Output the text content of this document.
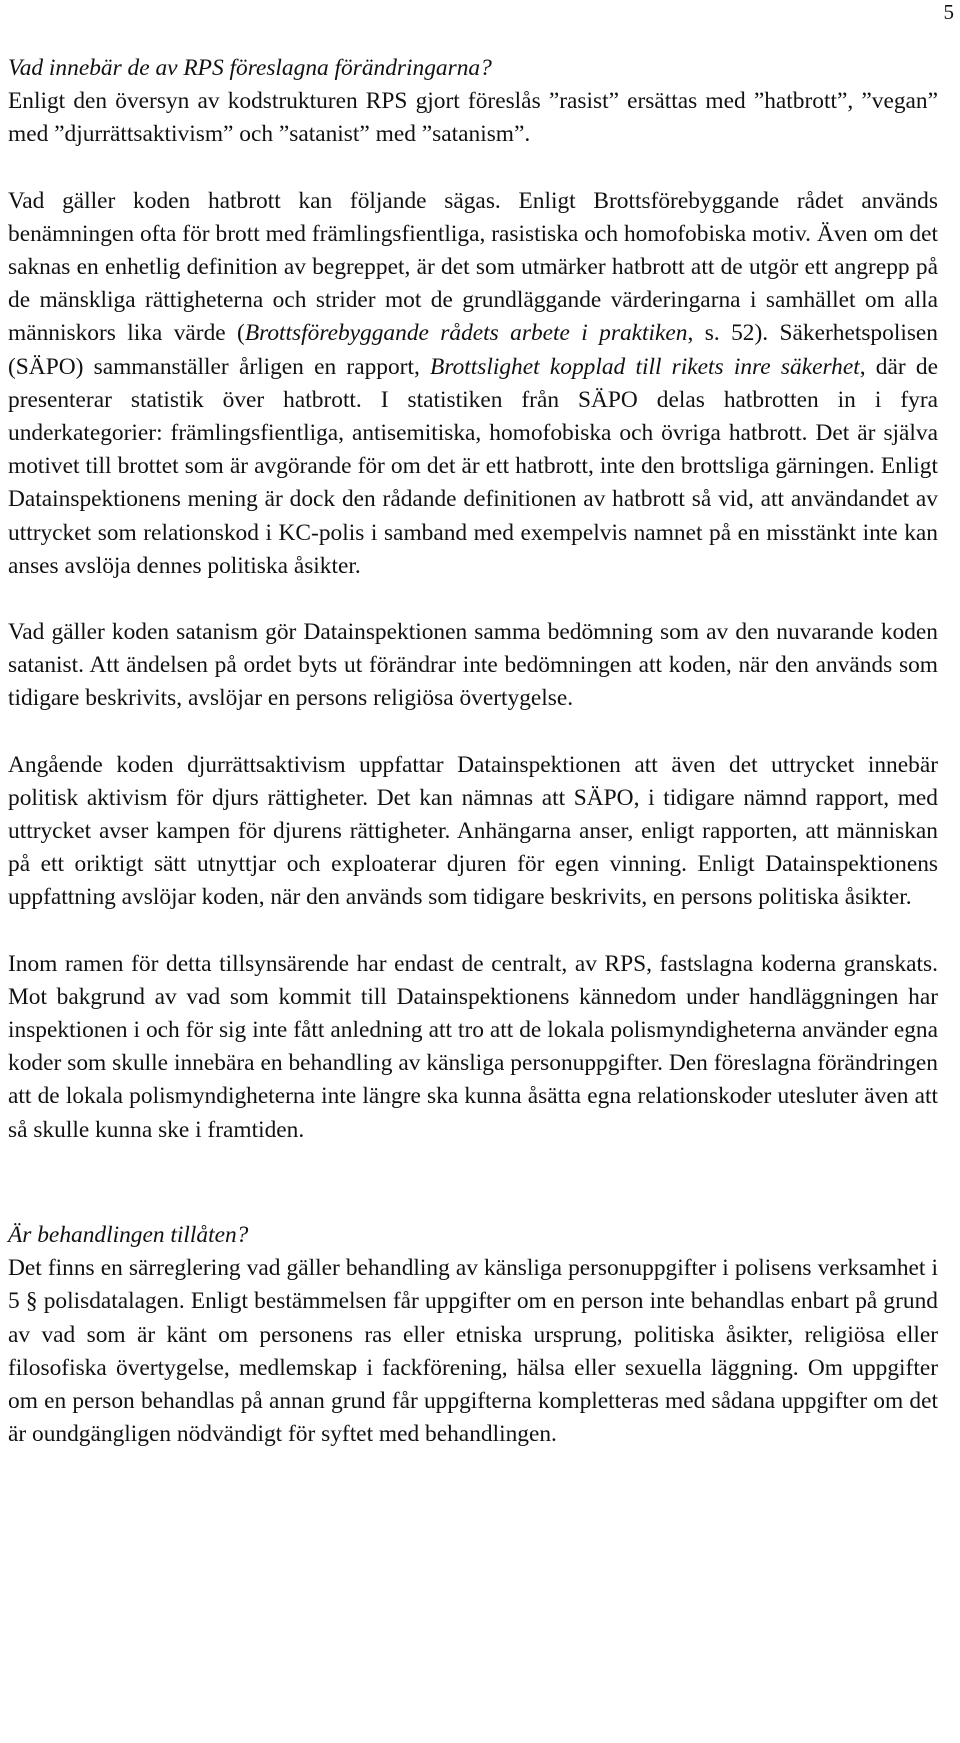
5

Vad innebär de av RPS föreslagna förändringarna?

Enligt den översyn av kodstrukturen RPS gjort föreslås ”rasist” ersättas med ”hatbrott”, ”vegan” med ”djurrättsaktivism” och ”satanist” med ”satanism”.

Vad gäller koden hatbrott kan följande sägas. Enligt Brottsförebyggande rådet används benämningen ofta för brott med främlingsfientliga, rasistiska och homofobiska motiv. Även om det saknas en enhetlig definition av begreppet, är det som utmärker hatbrott att de utgör ett angrepp på de mänskliga rättigheterna och strider mot de grundläggande värderingarna i samhället om alla människors lika värde (Brottsförebyggande rådets arbete i praktiken, s. 52). Säkerhetspolisen (SÄPO) sammanställer årligen en rapport, Brottslighet kopplad till rikets inre säkerhet, där de presenterar statistik över hatbrott. I statistiken från SÄPO delas hatbrotten in i fyra underkategorier: främlingsfientliga, antisemitiska, homofobiska och övriga hatbrott. Det är själva motivet till brottet som är avgörande för om det är ett hatbrott, inte den brottsliga gärningen. Enligt Datainspektionens mening är dock den rådande definitionen av hatbrott så vid, att användandet av uttrycket som relationskod i KC-polis i samband med exempelvis namnet på en misstänkt inte kan anses avslöja dennes politiska åsikter.

Vad gäller koden satanism gör Datainspektionen samma bedömning som av den nuvarande koden satanist. Att ändelsen på ordet byts ut förändrar inte bedömningen att koden, när den används som tidigare beskrivits, avslöjar en persons religiösa övertygelse.

Angående koden djurrättsaktivism uppfattar Datainspektionen att även det uttrycket innebär politisk aktivism för djurs rättigheter. Det kan nämnas att SÄPO, i tidigare nämnd rapport, med uttrycket avser kampen för djurens rättigheter. Anhängarna anser, enligt rapporten, att människan på ett oriktigt sätt utnyttjar och exploaterar djuren för egen vinning. Enligt Datainspektionens uppfattning avslöjar koden, när den används som tidigare beskrivits, en persons politiska åsikter.

Inom ramen för detta tillsynsärende har endast de centralt, av RPS, fastslagna koderna granskats. Mot bakgrund av vad som kommit till Datainspektionens kännedom under handläggningen har inspektionen i och för sig inte fått anledning att tro att de lokala polismyndigheterna använder egna koder som skulle innebära en behandling av känsliga personuppgifter. Den föreslagna förändringen att de lokala polismyndigheterna inte längre ska kunna åsätta egna relationskoder utesluter även att så skulle kunna ske i framtiden.

Är behandlingen tillåten?

Det finns en särreglering vad gäller behandling av känsliga personuppgifter i polisens verksamhet i 5 § polisdatalagen. Enligt bestämmelsen får uppgifter om en person inte behandlas enbart på grund av vad som är känt om personens ras eller etniska ursprung, politiska åsikter, religiösa eller filosofiska övertygelse, medlemskap i fackförening, hälsa eller sexuella läggning. Om uppgifter om en person behandlas på annan grund får uppgifterna kompletteras med sådana uppgifter om det är oundgängligen nödvändigt för syftet med behandlingen.
